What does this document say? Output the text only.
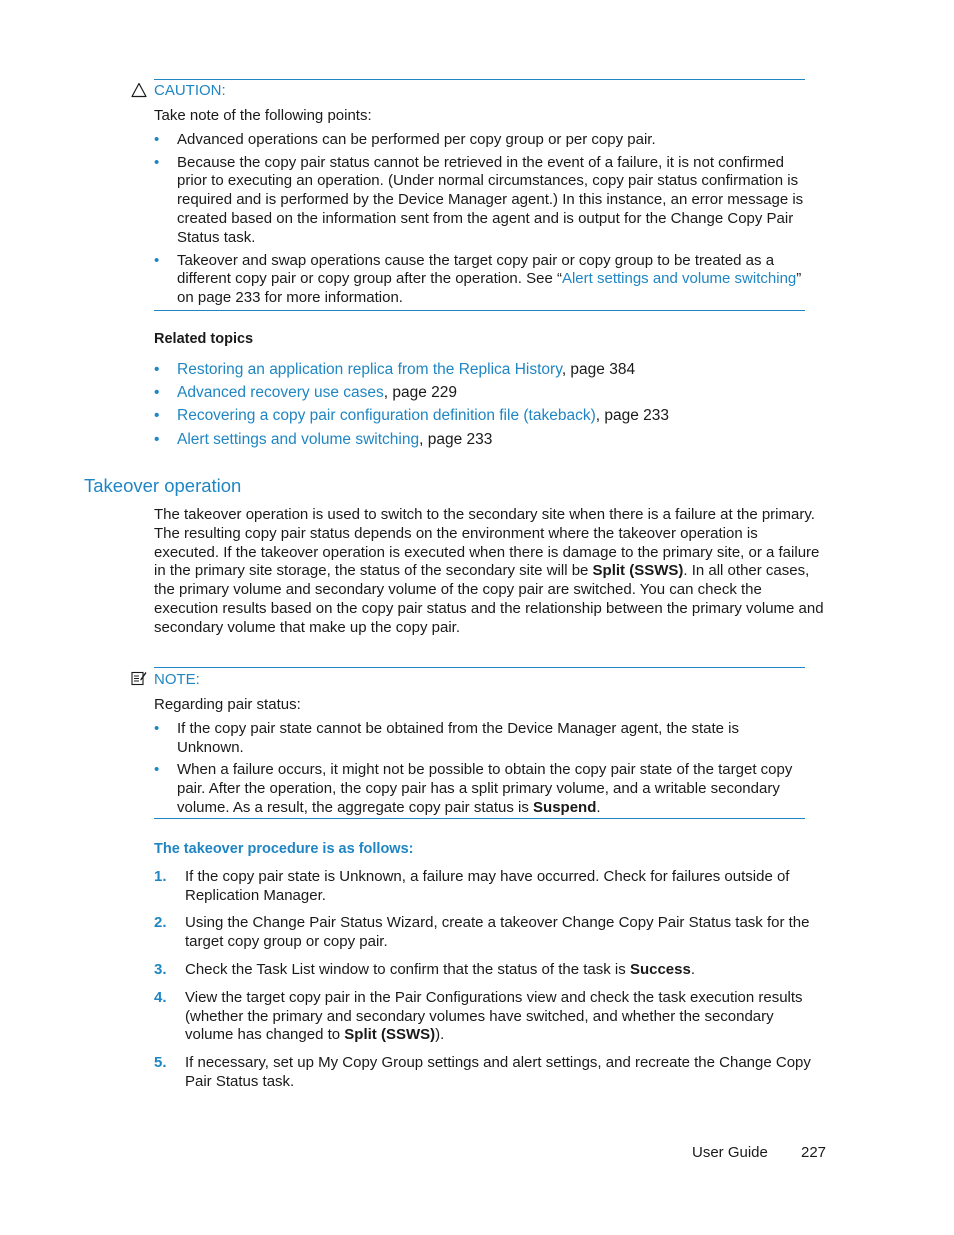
CAUTION:
Take note of the following points:
• Advanced operations can be performed per copy group or per copy pair.
• Because the copy pair status cannot be retrieved in the event of a failure, it is not confirmed prior to executing an operation. (Under normal circumstances, copy pair status confirmation is required and is performed by the Device Manager agent.) In this instance, an error message is created based on the information sent from the agent and is output for the Change Copy Pair Status task.
• Takeover and swap operations cause the target copy pair or copy group to be treated as a different copy pair or copy group after the operation. See “Alert settings and volume switching” on page 233 for more information.
Related topics
• Restoring an application replica from the Replica History, page 384
• Advanced recovery use cases, page 229
• Recovering a copy pair configuration definition file (takeback), page 233
• Alert settings and volume switching, page 233
Takeover operation
The takeover operation is used to switch to the secondary site when there is a failure at the primary. The resulting copy pair status depends on the environment where the takeover operation is executed. If the takeover operation is executed when there is damage to the primary site, or a failure in the primary site storage, the status of the secondary site will be Split (SSWS). In all other cases, the primary volume and secondary volume of the copy pair are switched. You can check the execution results based on the copy pair status and the relationship between the primary volume and secondary volume that make up the copy pair.
NOTE:
Regarding pair status:
• If the copy pair state cannot be obtained from the Device Manager agent, the state is Unknown.
• When a failure occurs, it might not be possible to obtain the copy pair state of the target copy pair. After the operation, the copy pair has a split primary volume, and a writable secondary volume. As a result, the aggregate copy pair status is Suspend.
The takeover procedure is as follows:
1. If the copy pair state is Unknown, a failure may have occurred. Check for failures outside of Replication Manager.
2. Using the Change Pair Status Wizard, create a takeover Change Copy Pair Status task for the target copy group or copy pair.
3. Check the Task List window to confirm that the status of the task is Success.
4. View the target copy pair in the Pair Configurations view and check the task execution results (whether the primary and secondary volumes have switched, and whether the secondary volume has changed to Split (SSWS)).
5. If necessary, set up My Copy Group settings and alert settings, and recreate the Change Copy Pair Status task.
User Guide 227
